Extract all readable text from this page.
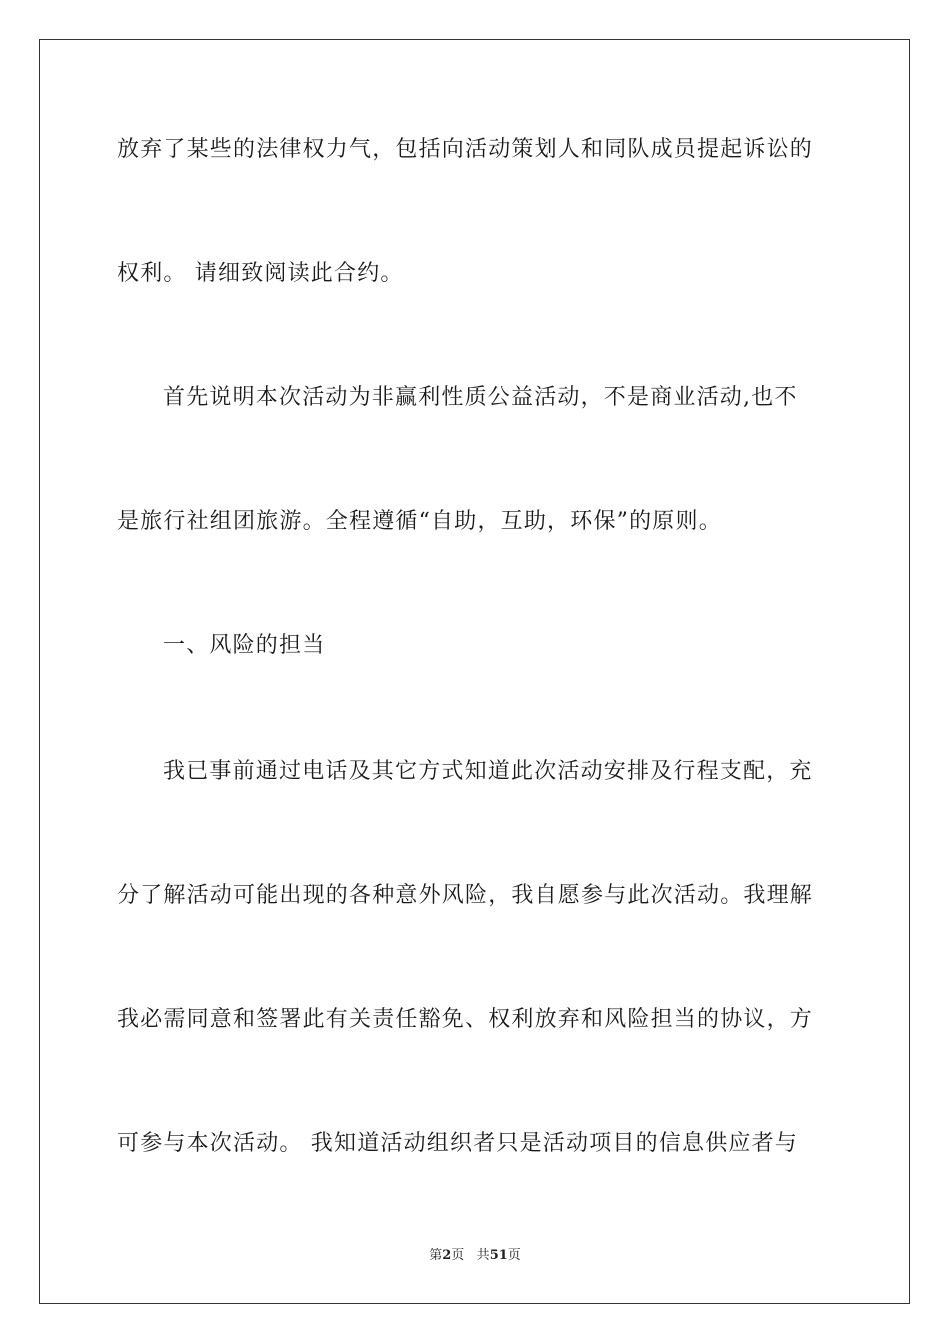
放弃了某些的法律权力气，包括向活动策划人和同队成员提起诉讼的
权利。 请细致阅读此合约。
首先说明本次活动为非赢利性质公益活动，不是商业活动,也不
是旅行社组团旅游。全程遵循“自助，互助，环保”的原则。
一、风险的担当
我已事前通过电话及其它方式知道此次活动安排及行程支配，充
分了解活动可能出现的各种意外风险，我自愿参与此次活动。我理解
我必需同意和签署此有关责任豁免、权利放弃和风险担当的协议，方
可参与本次活动。 我知道活动组织者只是活动项目的信息供应者与
第2页 共51页
